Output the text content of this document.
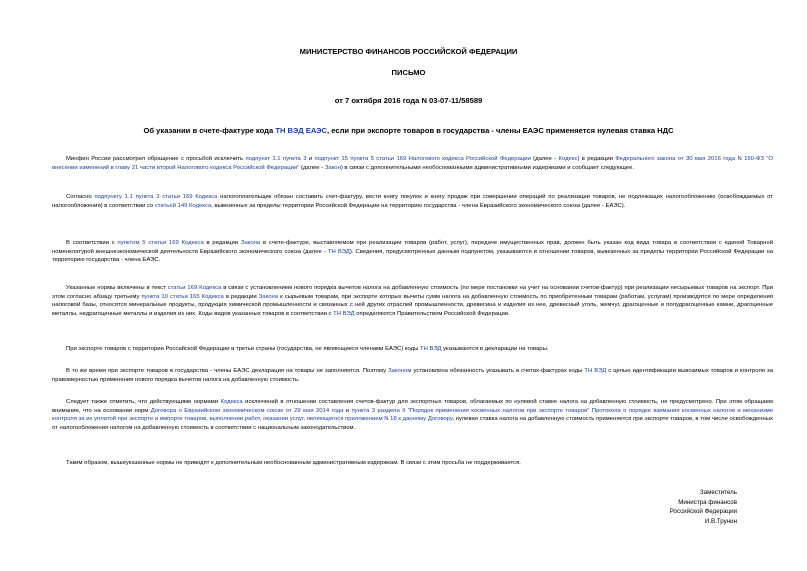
МИНИСТЕРСТВО ФИНАНСОВ РОССИЙСКОЙ ФЕДЕРАЦИИ
ПИСЬМО
от 7 октября 2016 года N 03-07-11/58589
Об указании в счете-фактуре кода ТН ВЭД ЕАЭС, если при экспорте товаров в государства - члены ЕАЭС применяется нулевая ставка НДС

Минфин России рассмотрел обращение с просьбой исключить подпункт 1.1 пункта 3 и подпункт 15 пункта 5 статьи 169 Налогового кодекса Российской Федерации (далее - Кодекс) в редакции Федерального закона от 30 мая 2016 года N 150-ФЗ "О внесении изменений в главу 21 части второй Налогового кодекса Российской Федерации" (далее - Закон) в связи с дополнительными необоснованными административными издержками и сообщает следующее.

Согласно подпункту 1.1 пункта 3 статьи 169 Кодекса налогоплательщик обязан составить счет-фактуру, вести книгу покупок и книгу продаж при совершении операций по реализации товаров, не подлежащих налогообложению (освобождаемых от налогообложения) в соответствии со статьей 149 Кодекса, вывезенных за пределы территории Российской Федерации на территорию государства - члена Евразийского экономического союза (далее - ЕАЭС).

В соответствии с пунктом 5 статьи 169 Кодекса в редакции Закона в счете-фактуре, выставляемом при реализации товаров (работ, услуг), передаче имущественных прав, должен быть указан код вида товара в соответствии с единой Товарной номенклатурой внешнеэкономической деятельности Евразийского экономического союза (далее - ТН ВЭД). Сведения, предусмотренные данным подпунктом, указываются в отношении товаров, вывезенных за пределы территории Российской Федерации на территорию государства - члена ЕАЭС.

Указанные нормы включены в текст статьи 169 Кодекса в связи с установлением нового порядка вычетов налога на добавленную стоимость (по мере постановки на учет на основании счетов-фактур) при реализации несырьевых товаров на экспорт. При этом согласно абзацу третьему пункта 10 статьи 165 Кодекса в редакции Закона к сырьевым товарам, при экспорте которых вычеты сумм налога на добавленную стоимость по приобретенным товарам (работам, услугам) производятся по мере определения налоговой базы, относятся минеральные продукты, продукция химической промышленности и связанных с ней других отраслей промышленности, древесина и изделия из нее, древесный уголь, жемчуг, драгоценные и полудрагоценные камни, драгоценные металлы, недрагоценные металлы и изделия из них. Коды видов указанных товаров в соответствии с ТН ВЭД определяются Правительством Российской Федерации.

При экспорте товаров с территории Российской Федерации в третьи страны (государства, не являющиеся членами ЕАЭС) коды ТН ВЭД указываются в декларации на товары.

В то же время при экспорте товаров в государства - члены ЕАЭС декларация на товары не заполняется. Поэтому Законом установлена обязанность указывать в счетах-фактурах коды ТН ВЭД с целью идентификации вывозимых товаров и контроля за правомерностью применения нового порядка вычетов налога на добавленную стоимость.

Следует также отметить, что действующими нормами Кодекса исключений в отношении составления счетов-фактур для экспортных товаров, облагаемых по нулевой ставке налога на добавленную стоимость, не предусмотрено. При этом обращаем внимание, что на основании норм Договора о Евразийском экономическом союзе от 29 мая 2014 года и пункта 3 раздела II "Порядок применения косвенных налогов при экспорте товаров" Протокола о порядке взимания косвенных налогов и механизме контроля за их уплатой при экспорте и импорте товаров, выполнении работ, оказании услуг, являющегося приложением N 18 к данному Договору, нулевая ставка налога на добавленную стоимость применяется при экспорте товаров, в том числе освобожденных от налогообложения налогом на добавленную стоимость в соответствии с национальным законодательством.

Таким образом, вышеуказанные нормы не приводят к дополнительным необоснованным административным издержкам. В связи с этим просьба не поддерживается.

Заместитель
Министра финансов
Российской Федерации
И.В.Трунин
